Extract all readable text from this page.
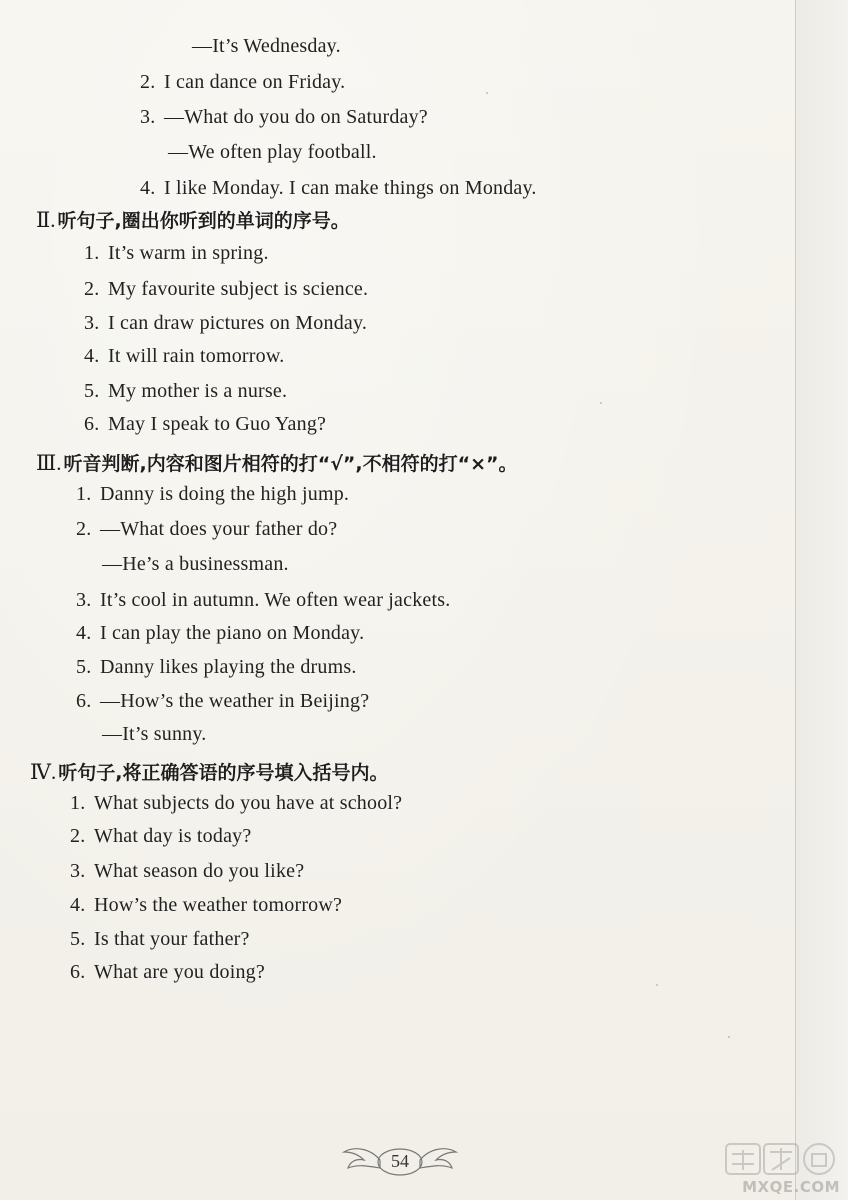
—It’s Wednesday.
2. I can dance on Friday.
3. —What do you do on Saturday?
—We often play football.
4. I like Monday. I can make things on Monday.
Ⅱ. 听句子,圈出你听到的单词的序号。
1. It’s warm in spring.
2. My favourite subject is science.
3. I can draw pictures on Monday.
4. It will rain tomorrow.
5. My mother is a nurse.
6. May I speak to Guo Yang?
Ⅲ. 听音判断,内容和图片相符的打“√”,不相符的打“×”。
1. Danny is doing the high jump.
2. —What does your father do?
—He’s a businessman.
3. It’s cool in autumn. We often wear jackets.
4. I can play the piano on Monday.
5. Danny likes playing the drums.
6. —How’s the weather in Beijing?
—It’s sunny.
Ⅳ. 听句子,将正确答语的序号填入括号内。
1. What subjects do you have at school?
2. What day is today?
3. What season do you like?
4. How’s the weather tomorrow?
5. Is that your father?
6. What are you doing?
54
MXQE.COM
